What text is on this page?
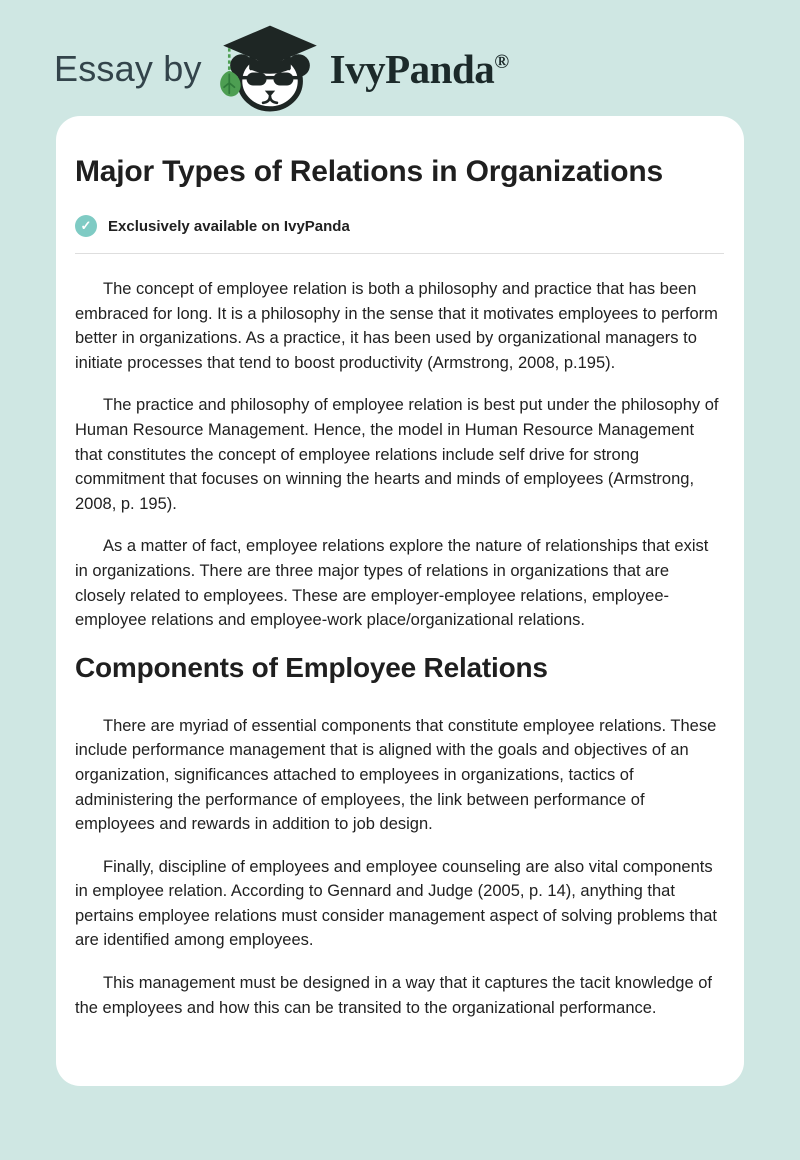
Essay by	IvyPanda®
Major Types of Relations in Organizations
✓	Exclusively available on IvyPanda

The concept of employee relation is both a philosophy and practice that has been embraced for long. It is a philosophy in the sense that it motivates employees to perform better in organizations. As a practice, it has been used by organizational managers to initiate processes that tend to boost productivity (Armstrong, 2008, p.195).

The practice and philosophy of employee relation is best put under the philosophy of Human Resource Management. Hence, the model in Human Resource Management that constitutes the concept of employee relations include self drive for strong commitment that focuses on winning the hearts and minds of employees (Armstrong, 2008, p. 195).

As a matter of fact, employee relations explore the nature of relationships that exist in organizations. There are three major types of relations in organizations that are closely related to employees. These are employer-employee relations, employee-employee relations and employee-work place/organizational relations.

Components of Employee Relations

There are myriad of essential components that constitute employee relations. These include performance management that is aligned with the goals and objectives of an organization, significances attached to employees in organizations, tactics of administering the performance of employees, the link between performance of employees and rewards in addition to job design.

Finally, discipline of employees and employee counseling are also vital components in employee relation. According to Gennard and Judge (2005, p. 14), anything that pertains employee relations must consider management aspect of solving problems that are identified among employees.

This management must be designed in a way that it captures the tacit knowledge of the employees and how this can be transited to the organizational performance.
